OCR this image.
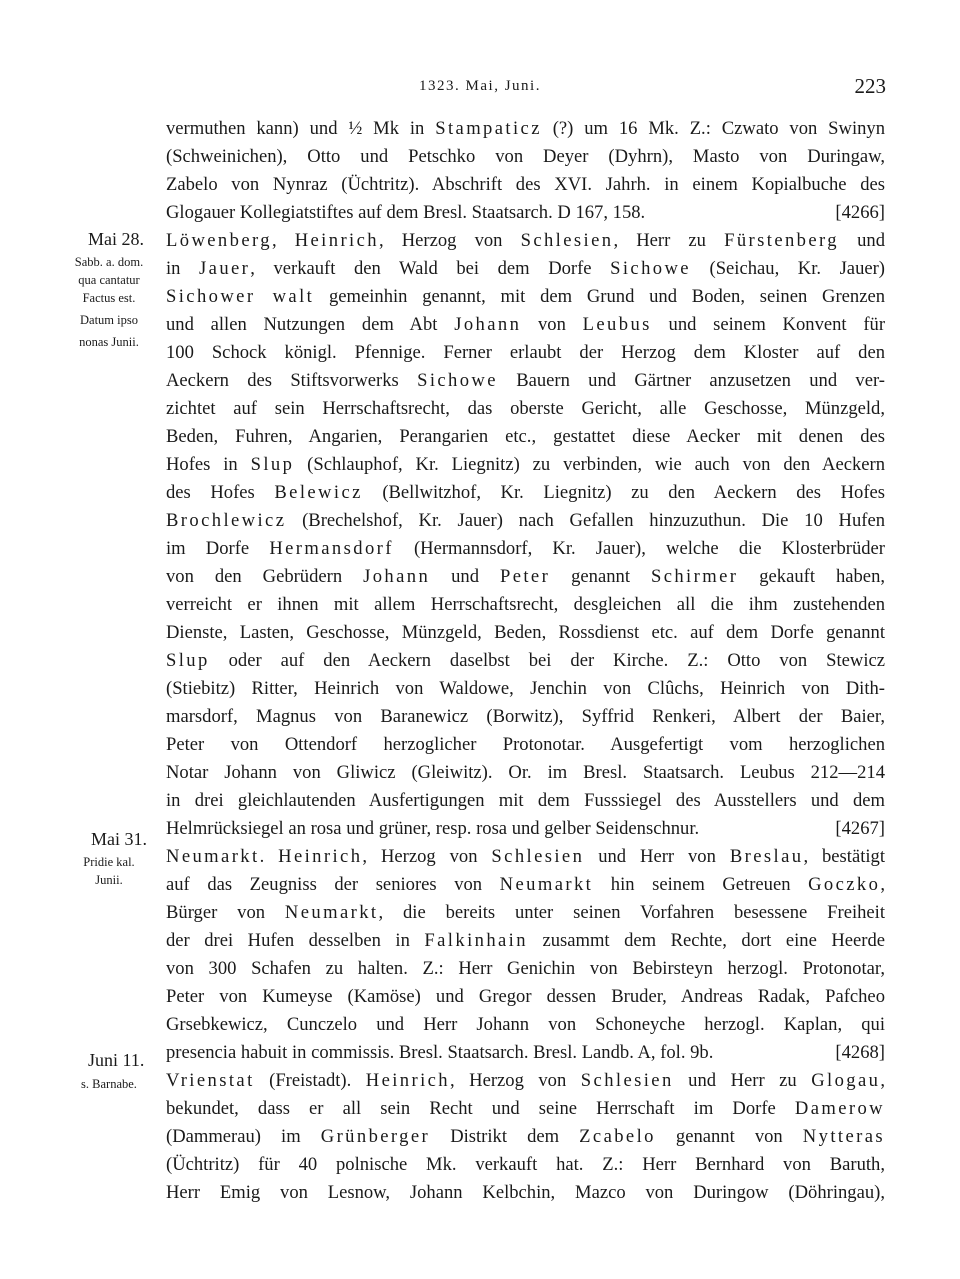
1323. Mai, Juni.	223
Mai 28.
Sabb. a. dom.
qua cantatur
Factus est.
Datum ipso
nonas Junii.
Mai 31.
Pridie kal.
Junii.
Juni 11.
s. Barnabe.
vermuthen kann) und ½ Mk in Stampaticz (?) um 16 Mk. Z.: Czwato von Swinyn
(Schweinichen), Otto und Petschko von Deyer (Dyhrn), Masto von Duringaw,
Zabelo von Nynraz (Üchtritz). Abschrift des XVI. Jahrh. in einem Kopialbuche des
Glogauer Kollegiatstiftes auf dem Bresl. Staatsarch. D 167, 158.	[4266]
Löwenberg, Heinrich, Herzog von Schlesien, Herr zu Fürstenberg und
in Jauer, verkauft den Wald bei dem Dorfe Sichowe (Seichau, Kr. Jauer)
Sichower walt gemeinhin genannt, mit dem Grund und Boden, seinen Grenzen
und allen Nutzungen dem Abt Johann von Leubus und seinem Konvent für
100 Schock königl. Pfennige. Ferner erlaubt der Herzog dem Kloster auf den
Aeckern des Stiftsvorwerks Sichowe Bauern und Gärtner anzusetzen und ver-
zichtet auf sein Herrschaftsrecht, das oberste Gericht, alle Geschosse, Münzgeld,
Beden, Fuhren, Angarien, Perangarien etc., gestattet diese Aecker mit denen des
Hofes in Slup (Schlauphof, Kr. Liegnitz) zu verbinden, wie auch von den Aeckern
des Hofes Belewicz (Bellwitzhof, Kr. Liegnitz) zu den Aeckern des Hofes
Brochlewicz (Brechelshof, Kr. Jauer) nach Gefallen hinzuzuthun. Die 10 Hufen
im Dorfe Hermansdorf (Hermannsdorf, Kr. Jauer), welche die Klosterbrüder
von den Gebrüdern Johann und Peter genannt Schirmer gekauft haben,
verreicht er ihnen mit allem Herrschaftsrecht, desgleichen all die ihm zustehenden
Dienste, Lasten, Geschosse, Münzgeld, Beden, Rossdienst etc. auf dem Dorfe genannt
Slup oder auf den Aeckern daselbst bei der Kirche. Z.: Otto von Stewicz
(Stiebitz) Ritter, Heinrich von Waldowe, Jenchin von Clûchs, Heinrich von Dith-
marsdorf, Magnus von Baranewicz (Borwitz), Syffrid Renkeri, Albert der Baier,
Peter von Ottendorf herzoglicher Protonotar. Ausgefertigt vom herzoglichen
Notar Johann von Gliwicz (Gleiwitz). Or. im Bresl. Staatsarch. Leubus 212—214
in drei gleichlautenden Ausfertigungen mit dem Fusssiegel des Ausstellers und dem
Helmrücksiegel an rosa und grüner, resp. rosa und gelber Seidenschnur.	[4267]
Neumarkt. Heinrich, Herzog von Schlesien und Herr von Breslau, bestätigt
auf das Zeugniss der seniores von Neumarkt hin seinem Getreuen Goczko,
Bürger von Neumarkt, die bereits unter seinen Vorfahren besessene Freiheit
der drei Hufen desselben in Falkinhain zusammt dem Rechte, dort eine Heerde
von 300 Schafen zu halten. Z.: Herr Genichin von Bebirsteyn herzogl. Protonotar,
Peter von Kumeyse (Kamöse) und Gregor dessen Bruder, Andreas Radak, Pafcheo
Grsebkewicz, Cunczelo und Herr Johann von Schoneyche herzogl. Kaplan, qui
presencia habuit in commissis. Bresl. Staatsarch. Bresl. Landb. A, fol. 9b.	[4268]
Vrienstat (Freistadt). Heinrich, Herzog von Schlesien und Herr zu Glogau,
bekundet, dass er all sein Recht und seine Herrschaft im Dorfe Damerow
(Dammerau) im Grünberger Distrikt dem Zcabelo genannt von Nytteras
(Üchtritz) für 40 polnische Mk. verkauft hat. Z.: Herr Bernhard von Baruth,
Herr Emig von Lesnow, Johann Kelbchin, Mazco von Duringow (Döhringau),
